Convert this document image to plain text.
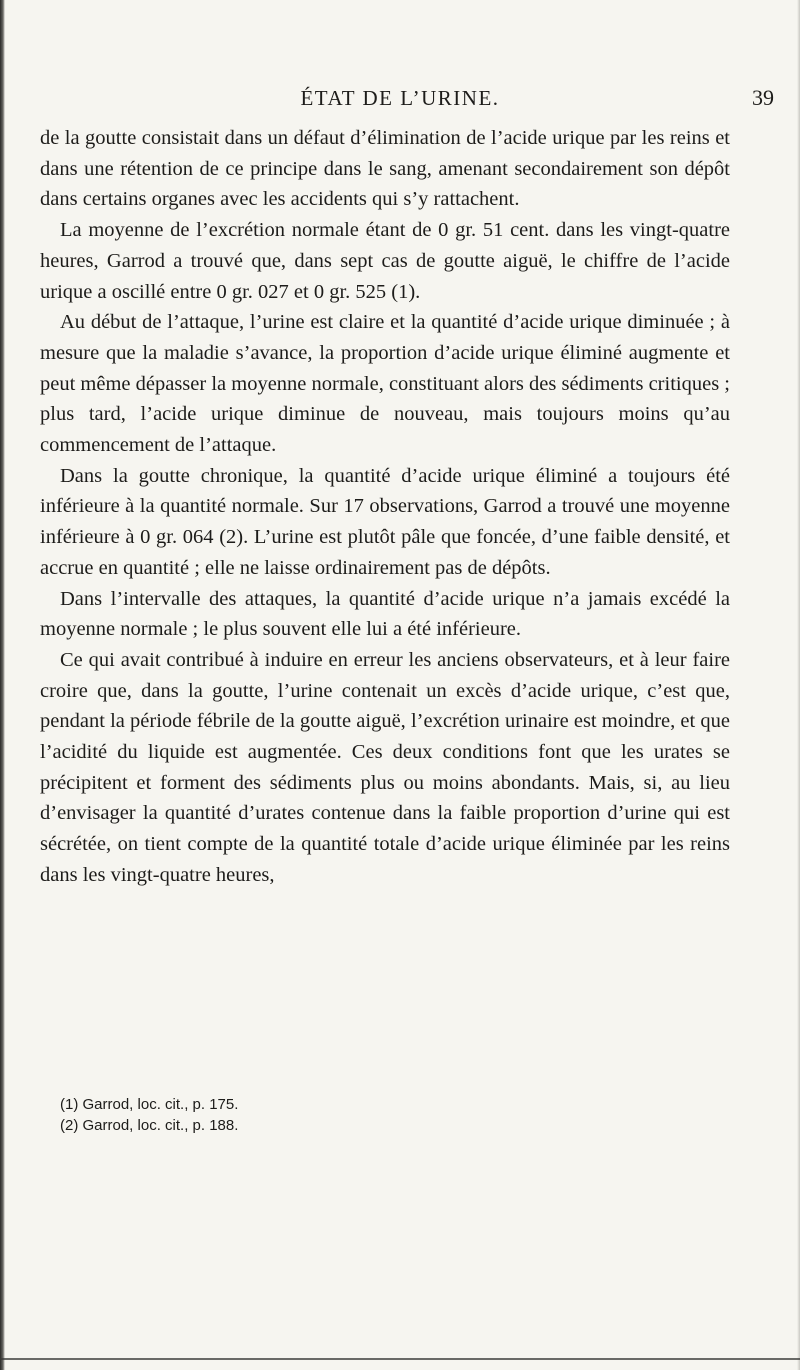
ÉTAT DE L’URINE.	39

de la goutte consistait dans un défaut d’élimination de l’acide urique par les reins et dans une rétention de ce principe dans le sang, amenant secondairement son dépôt dans certains organes avec les accidents qui s’y rattachent.

La moyenne de l’excrétion normale étant de 0 gr. 51 cent. dans les vingt-quatre heures, Garrod a trouvé que, dans sept cas de goutte aiguë, le chiffre de l’acide urique a oscillé entre 0 gr. 027 et 0 gr. 525 (1).

Au début de l’attaque, l’urine est claire et la quantité d’acide urique diminuée ; à mesure que la maladie s’avance, la proportion d’acide urique éliminé augmente et peut même dépasser la moyenne normale, constituant alors des sédiments critiques ; plus tard, l’acide urique diminue de nouveau, mais toujours moins qu’au commencement de l’attaque.

Dans la goutte chronique, la quantité d’acide urique éliminé a toujours été inférieure à la quantité normale. Sur 17 observations, Garrod a trouvé une moyenne inférieure à 0 gr. 064 (2). L’urine est plutôt pâle que foncée, d’une faible densité, et accrue en quantité ; elle ne laisse ordinairement pas de dépôts.

Dans l’intervalle des attaques, la quantité d’acide urique n’a jamais excédé la moyenne normale ; le plus souvent elle lui a été inférieure.

Ce qui avait contribué à induire en erreur les anciens observateurs, et à leur faire croire que, dans la goutte, l’urine contenait un excès d’acide urique, c’est que, pendant la période fébrile de la goutte aiguë, l’excrétion urinaire est moindre, et que l’acidité du liquide est augmentée. Ces deux conditions font que les urates se précipitent et forment des sédiments plus ou moins abondants. Mais, si, au lieu d’envisager la quantité d’urates contenue dans la faible proportion d’urine qui est sécrétée, on tient compte de la quantité totale d’acide urique éliminée par les reins dans les vingt-quatre heures,

(1) Garrod, loc. cit., p. 175.

(2) Garrod, loc. cit., p. 188.
